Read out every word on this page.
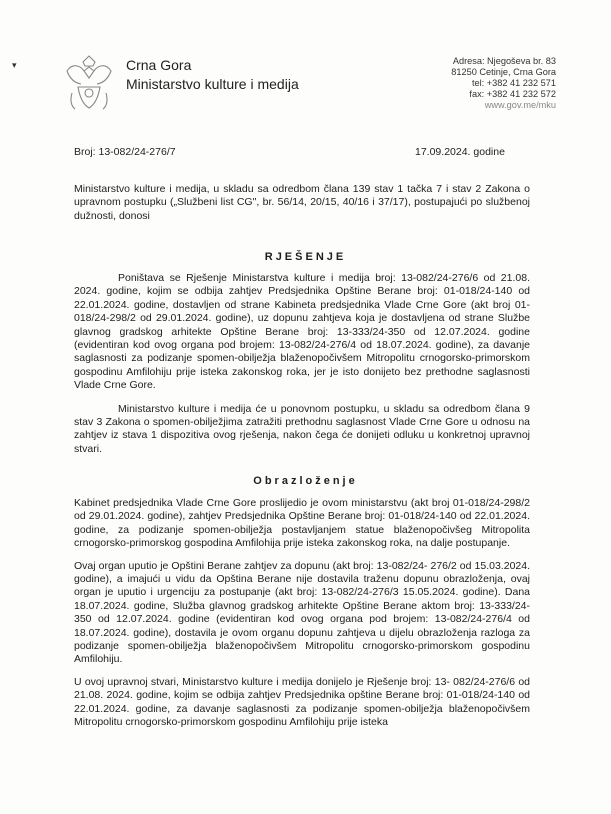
▾	Crna Gora
Ministarstvo kulture i medija
Adresa: Njegoševa br. 83
81250 Cetinje, Crna Gora
tel: +382 41 232 571
fax: +382 41 232 572
www.gov.me/mku
Broj: 13-082/24-276/7	17.09.2024. godine

Ministarstvo kulture i medija, u skladu sa odredbom člana 139 stav 1 tačka 7 i stav 2 Zakona o upravnom postupku („Službeni list CG", br. 56/14, 20/15, 40/16 i 37/17), postupajući po službenoj dužnosti, donosi

RJEŠENJE

Poništava se Rješenje Ministarstva kulture i medija broj: 13-082/24-276/6 od 21.08. 2024. godine, kojim se odbija zahtjev Predsjednika Opštine Berane broj: 01-018/24-140 od 22.01.2024. godine, dostavljen od strane Kabineta predsjednika Vlade Crne Gore (akt broj 01- 018/24-298/2 od 29.01.2024. godine), uz dopunu zahtjeva koja je dostavljena od strane Službe glavnog gradskog arhitekte Opštine Berane broj: 13-333/24-350 od 12.07.2024. godine (evidentiran kod ovog organa pod brojem: 13-082/24-276/4 od 18.07.2024. godine), za davanje saglasnosti za podizanje spomen-obilježja blaženopočivšem Mitropolitu crnogorsko-primorskom gospodinu Amfilohiju prije isteka zakonskog roka, jer je isto donijeto bez prethodne saglasnosti Vlade Crne Gore.

Ministarstvo kulture i medija će u ponovnom postupku, u skladu sa odredbom člana 9 stav 3 Zakona o spomen-obilježjima zatražiti prethodnu saglasnost Vlade Crne Gore u odnosu na zahtjev iz stava 1 dispozitiva ovog rješenja, nakon čega će donijeti odluku u konkretnoj upravnoj stvari.

Obrazloženje

Kabinet predsjednika Vlade Crne Gore proslijedio je ovom ministarstvu (akt broj 01-018/24-298/2 od 29.01.2024. godine), zahtjev Predsjednika Opštine Berane broj: 01-018/24-140 od 22.01.2024. godine, za podizanje spomen-obilježja postavljanjem statue blaženopočivšeg Mitropolita crnogorsko-primorskog gospodina Amfilohija prije isteka zakonskog roka, na dalje postupanje.

Ovaj organ uputio je Opštini Berane zahtjev za dopunu (akt broj: 13-082/24- 276/2 od 15.03.2024. godine), a imajući u vidu da Opština Berane nije dostavila traženu dopunu obrazloženja, ovaj organ je uputio i urgenciju za postupanje (akt broj: 13-082/24-276/3 15.05.2024. godine). Dana 18.07.2024. godine, Služba glavnog gradskog arhitekte Opštine Berane aktom broj: 13-333/24-350 od 12.07.2024. godine (evidentiran kod ovog organa pod brojem: 13-082/24-276/4 od 18.07.2024. godine), dostavila je ovom organu dopunu zahtjeva u dijelu obrazloženja razloga za podizanje spomen-obilježja blaženopočivšem Mitropolitu crnogorsko-primorskom gospodinu Amfilohiju.

U ovoj upravnoj stvari, Ministarstvo kulture i medija donijelo je Rješenje broj: 13- 082/24-276/6 od 21.08. 2024. godine, kojim se odbija zahtjev Predsjednika opštine Berane broj: 01-018/24-140 od 22.01.2024. godine, za davanje saglasnosti za podizanje spomen-obilježja blaženopočivšem Mitropolitu crnogorsko-primorskom gospodinu Amfilohiju prije isteka
